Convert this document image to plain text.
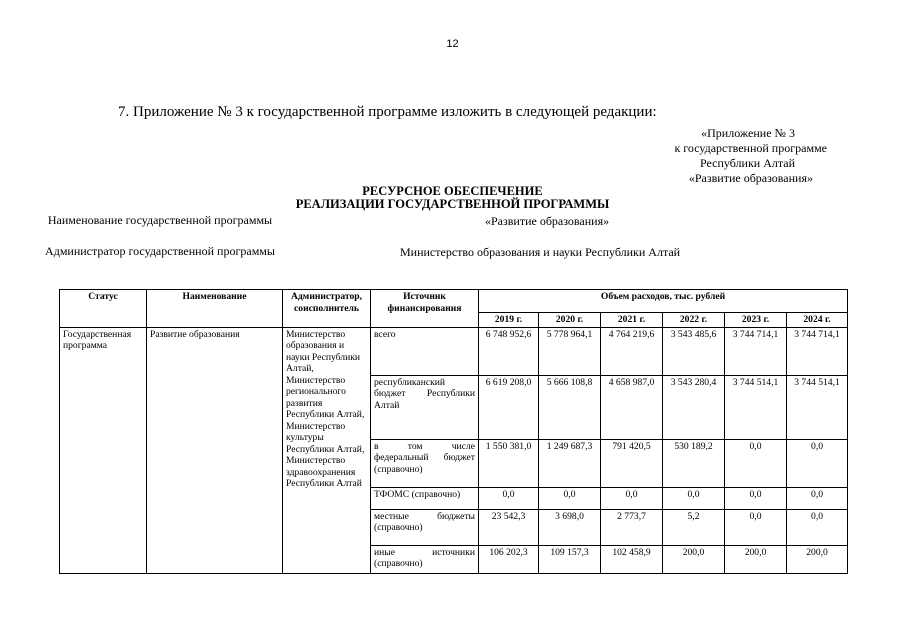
12
7. Приложение № 3 к государственной программе изложить в следующей редакции:
«Приложение № 3
к государственной программе
Республики Алтай
«Развитие образования»
РЕСУРСНОЕ ОБЕСПЕЧЕНИЕ
РЕАЛИЗАЦИИ ГОСУДАРСТВЕННОЙ ПРОГРАММЫ
Наименование государственной программы	«Развитие образования»
Администратор государственной программы	Министерство образования и науки Республики Алтай
Статус	Наименование	Администратор, соисполнитель	Источник финансирования	Объем расходов, тыс. рублей					
				2019 г.	2020 г.	2021 г.	2022 г.	2023 г.	2024 г.
Государственная программа	Развитие образования	Министерство образования и науки Республики Алтай,
Министерство регионального развития Республики Алтай,
Министерство культуры Республики Алтай,
Министерство здравоохранения Республики Алтай	всего	6 748 952,6	5 778 964,1	4 764 219,6	3 543 485,6	3 744 714,1	3 744 714,1
			республиканский бюджет Республики Алтай	6 619 208,0	5 666 108,8	4 658 987,0	3 543 280,4	3 744 514,1	3 744 514,1
			в том числе федеральный бюджет (справочно)	1 550 381,0	1 249 687,3	791 420,5	530 189,2	0,0	0,0
			ТФОМС (справочно)	0,0	0,0	0,0	0,0	0,0	0,0
			местные бюджеты (справочно)	23 542,3	3 698,0	2 773,7	5,2	0,0	0,0
			иные источники (справочно)	106 202,3	109 157,3	102 458,9	200,0	200,0	200,0
